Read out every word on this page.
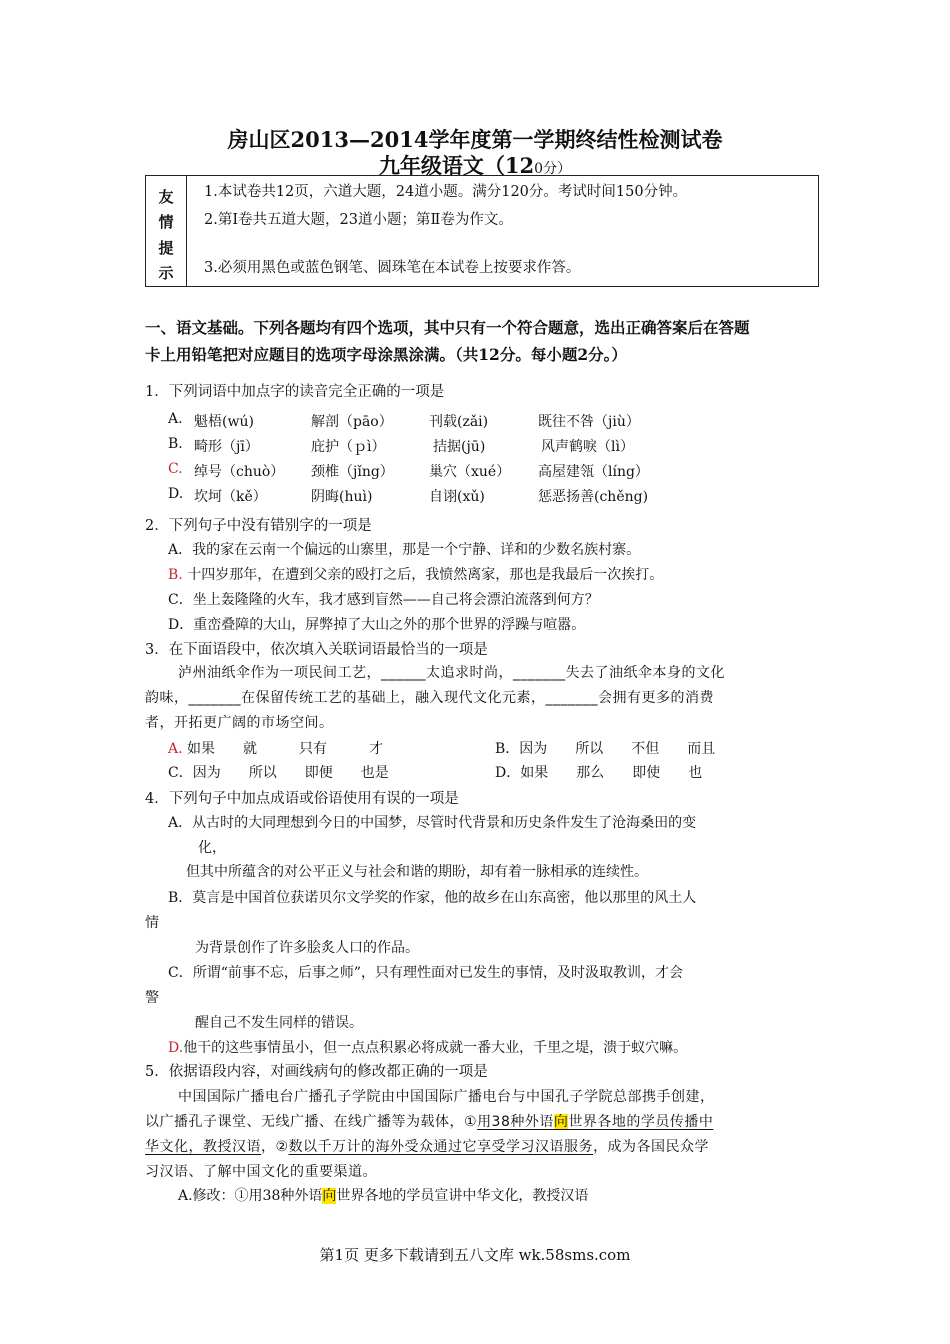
房山区2013—2014学年度第一学期终结性检测试卷
九年级语文（120分）
友
情
提
示
1.本试卷共12页，六道大题，24道小题。满分120分。考试时间150分钟。
2.第Ⅰ卷共五道大题，23道小题；第Ⅱ卷为作文。
3.必须用黑色或蓝色钢笔、圆珠笔在本试卷上按要求作答。
一、语文基础。下列各题均有四个选项，其中只有一个符合题意，选出正确答案后在答题
卡上用铅笔把对应题目的选项字母涂黑涂满。（共12分。每小题2分。）
1．下列词语中加点字的读音完全正确的一项是
A. 魁梧(wú)	解剖（pāo）	刊载(zǎi)	既往不咎（jiù）
B. 畸形（jī）	庇护（ｐì）	拮据(jū)	风声鹤唳（lì）
C. 绰号（chuò） 颈椎（jǐng）	巢穴（xué） 高屋建瓴（líng）
D. 坎坷（kě）	阴晦(huì)	自诩(xǔ)	惩恶扬善(chěng)
2．下列句子中没有错别字的一项是
A．我的家在云南一个偏远的山寨里，那是一个宁静、详和的少数名族村寨。
B. 十四岁那年，在遭到父亲的殴打之后，我愤然离家，那也是我最后一次挨打。
C．坐上轰隆隆的火车，我才感到盲然——自己将会漂泊流落到何方？
D．重峦叠障的大山，屏弊掉了大山之外的那个世界的浮躁与喧嚣。
3．在下面语段中，依次填入关联词语最恰当的一项是
泸州油纸伞作为一项民间工艺，______太追求时尚，_______失去了油纸伞本身的文化
韵味，_______在保留传统工艺的基础上，融入现代文化元素，_______会拥有更多的消费
者，开拓更广阔的市场空间。
A. 如果　　就　　　只有　　　才	B．因为　　所以　　不但　　而且
C．因为　　所以　　即便　　也是	D．如果　　那么　　即使　　也
4．下列句子中加点成语或俗语使用有误的一项是
A．从古时的大同理想到今日的中国梦，尽管时代背景和历史条件发生了沧海桑田的变
化，
但其中所蕴含的对公平正义与社会和谐的期盼，却有着一脉相承的连续性。
B．莫言是中国首位获诺贝尔文学奖的作家，他的故乡在山东高密，他以那里的风土人
情
为背景创作了许多脍炙人口的作品。
C．所谓“前事不忘，后事之师”，只有理性面对已发生的事情，及时汲取教训，才会
警
醒自己不发生同样的错误。
D.他干的这些事情虽小，但一点点积累必将成就一番大业，千里之堤，溃于蚁穴嘛。
5．依据语段内容，对画线病句的修改都正确的一项是
中国国际广播电台广播孔子学院由中国国际广播电台与中国孔子学院总部携手创建，
以广播孔子课堂、无线广播、在线广播等为载体，①用38种外语向世界各地的学员传播中
华文化，教授汉语，②数以千万计的海外受众通过它享受学习汉语服务，成为各国民众学
习汉语、了解中国文化的重要渠道。
A.修改：①用38种外语向世界各地的学员宣讲中华文化，教授汉语
第1页 更多下载请到五八文库 wk.58sms.com
